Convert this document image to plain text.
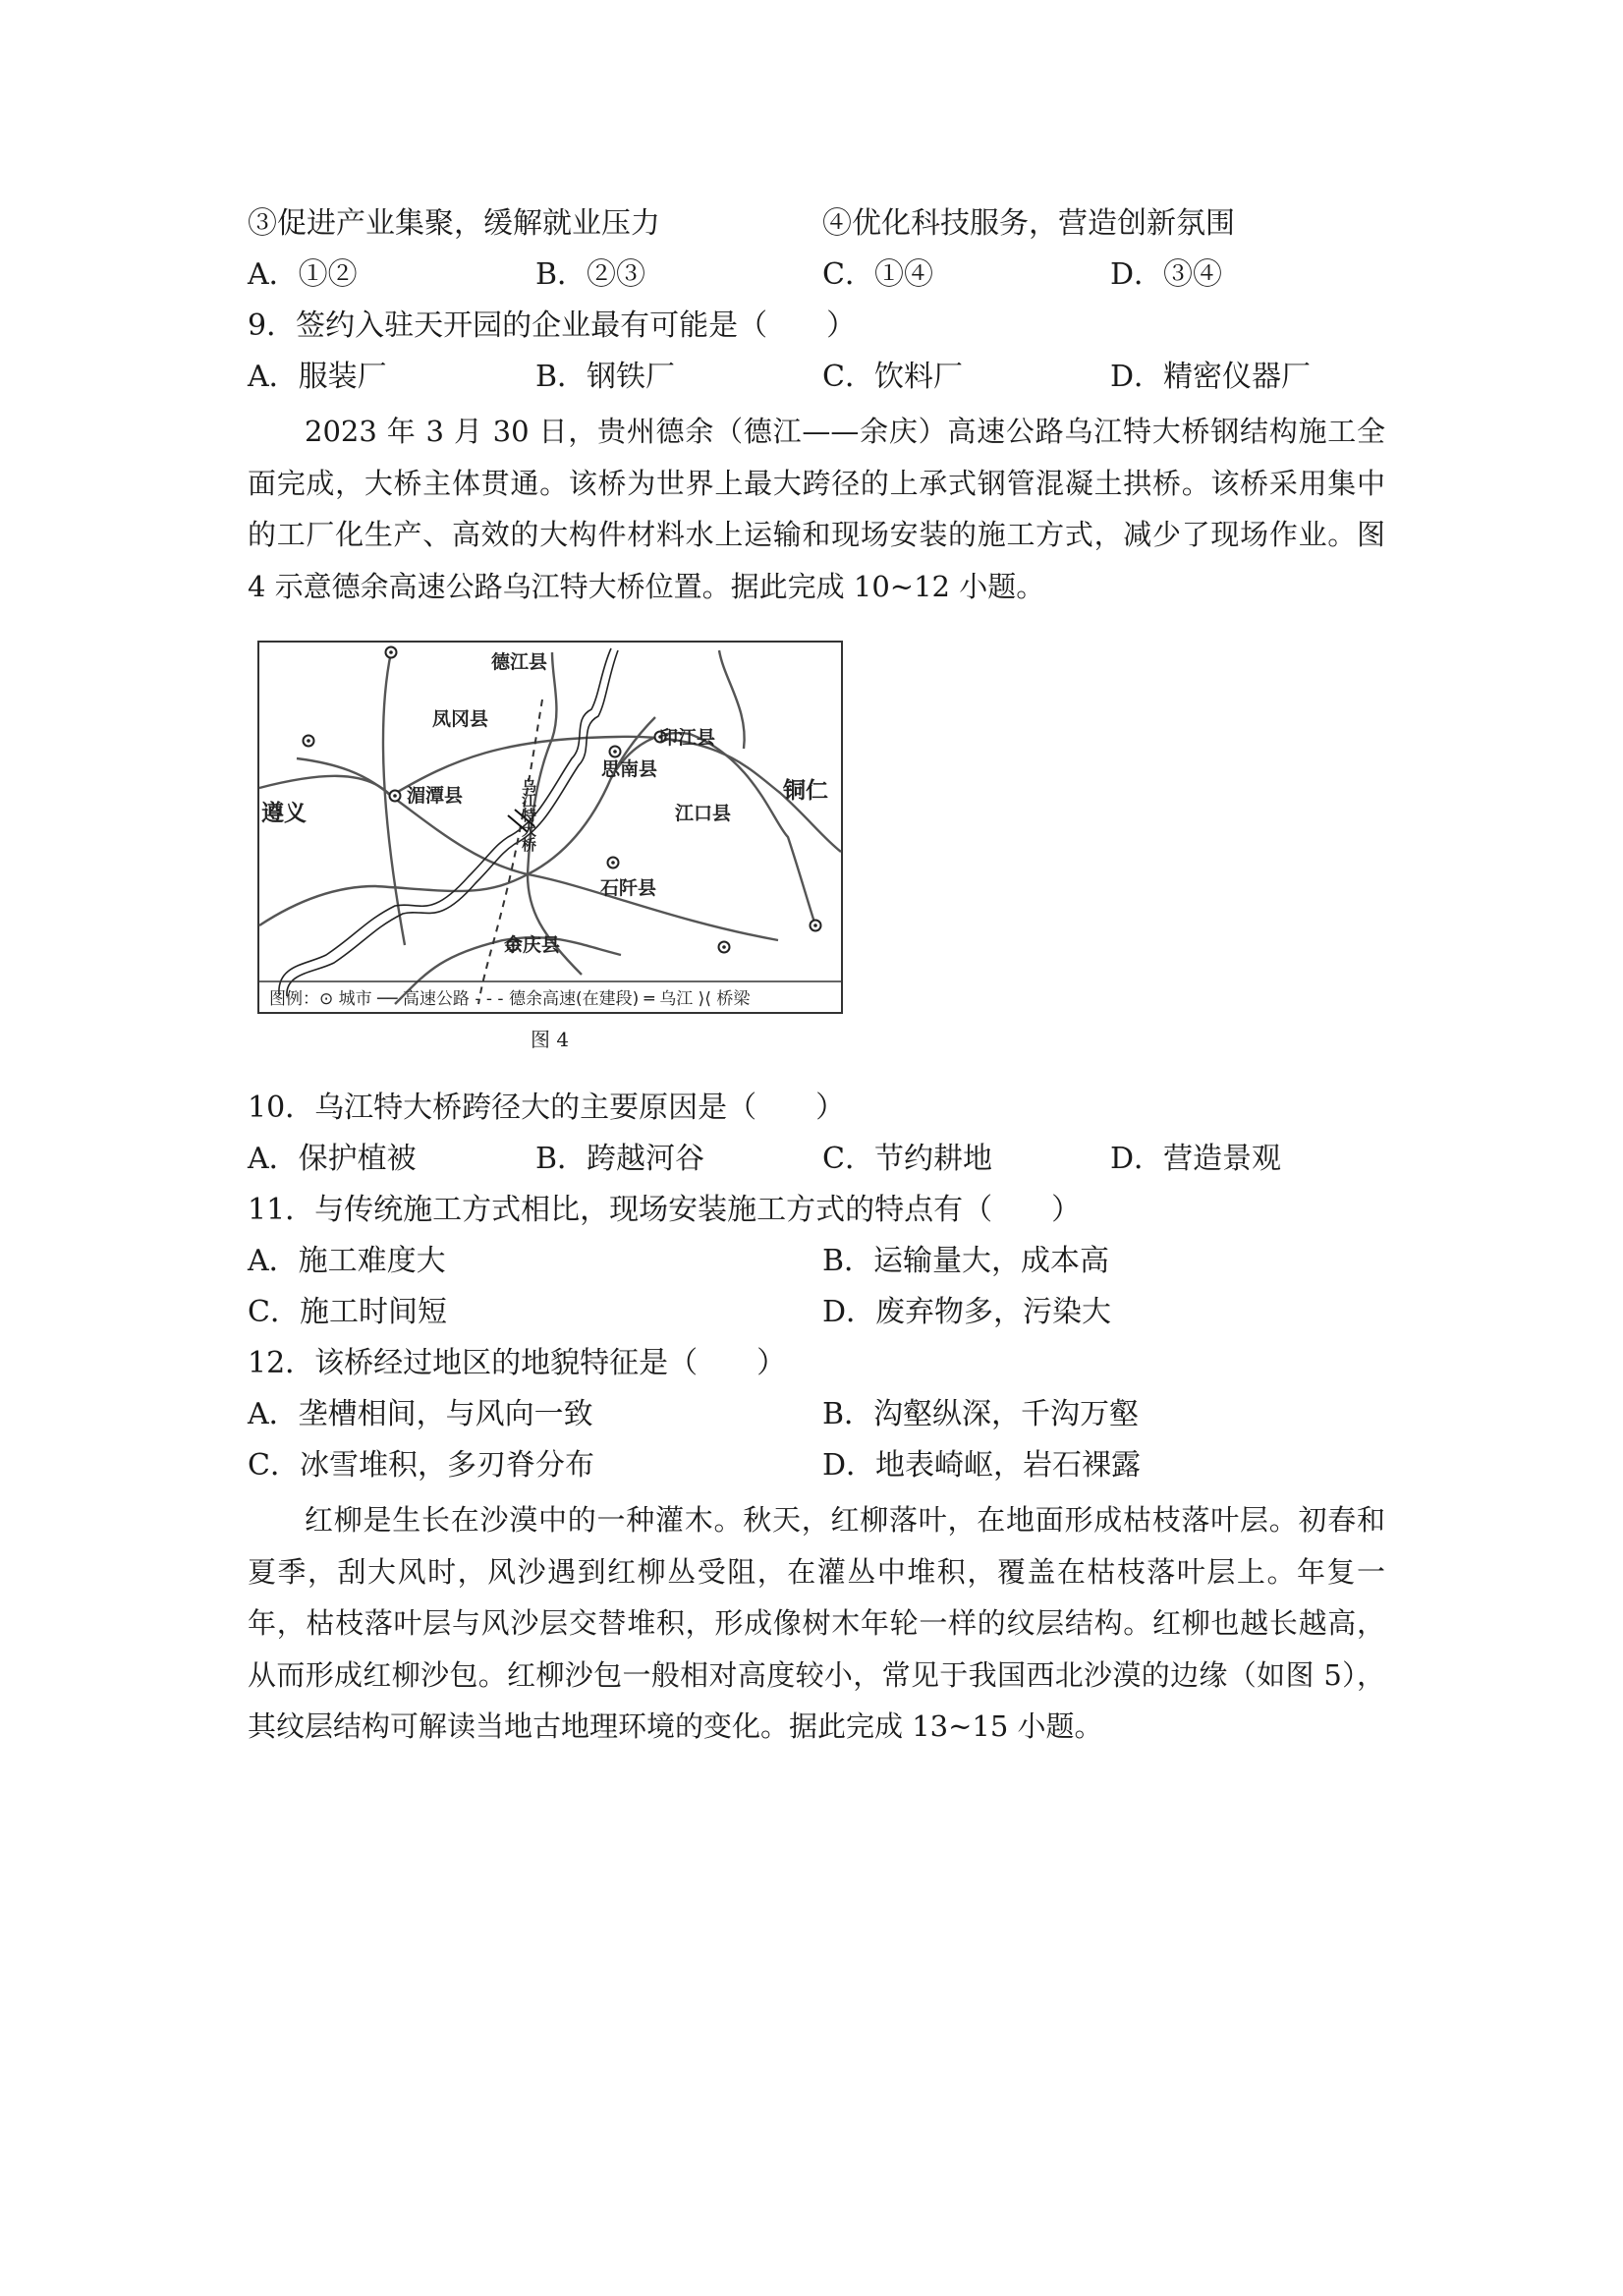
③促进产业集聚，缓解就业压力	④优化科技服务，营造创新氛围
A．①②	B．②③	C．①④	D．③④
9．签约入驻天开园的企业最有可能是（　　）
A．服装厂	B．钢铁厂	C．饮料厂	D．精密仪器厂
2023 年 3 月 30 日，贵州德余（德江——余庆）高速公路乌江特大桥钢结构施工全面完成，大桥主体贯通。该桥为世界上最大跨径的上承式钢管混凝土拱桥。该桥采用集中的工厂化生产、高效的大构件材料水上运输和现场安装的施工方式，减少了现场作业。图 4 示意德余高速公路乌江特大桥位置。据此完成 10~12 小题。
德江县
凤冈县
印江县
思南县
湄潭县
遵义	江口县
铜仁
石阡县
余庆县
乌江特大桥
图例：⊙ 城市 ── 高速公路 - - - 德余高速(在建段) ═ 乌江 ⟩⟨ 桥梁
图 4
10．乌江特大桥跨径大的主要原因是（　　）
A．保护植被	B．跨越河谷	C．节约耕地	D．营造景观
11．与传统施工方式相比，现场安装施工方式的特点有（　　）
A．施工难度大	B．运输量大，成本高
C．施工时间短	D．废弃物多，污染大
12．该桥经过地区的地貌特征是（　　）
A．垄槽相间，与风向一致	B．沟壑纵深，千沟万壑
C．冰雪堆积，多刃脊分布	D．地表崎岖，岩石裸露
红柳是生长在沙漠中的一种灌木。秋天，红柳落叶，在地面形成枯枝落叶层。初春和夏季，刮大风时，风沙遇到红柳丛受阻，在灌丛中堆积，覆盖在枯枝落叶层上。年复一年，枯枝落叶层与风沙层交替堆积，形成像树木年轮一样的纹层结构。红柳也越长越高，从而形成红柳沙包。红柳沙包一般相对高度较小，常见于我国西北沙漠的边缘（如图 5），其纹层结构可解读当地古地理环境的变化。据此完成 13~15 小题。
